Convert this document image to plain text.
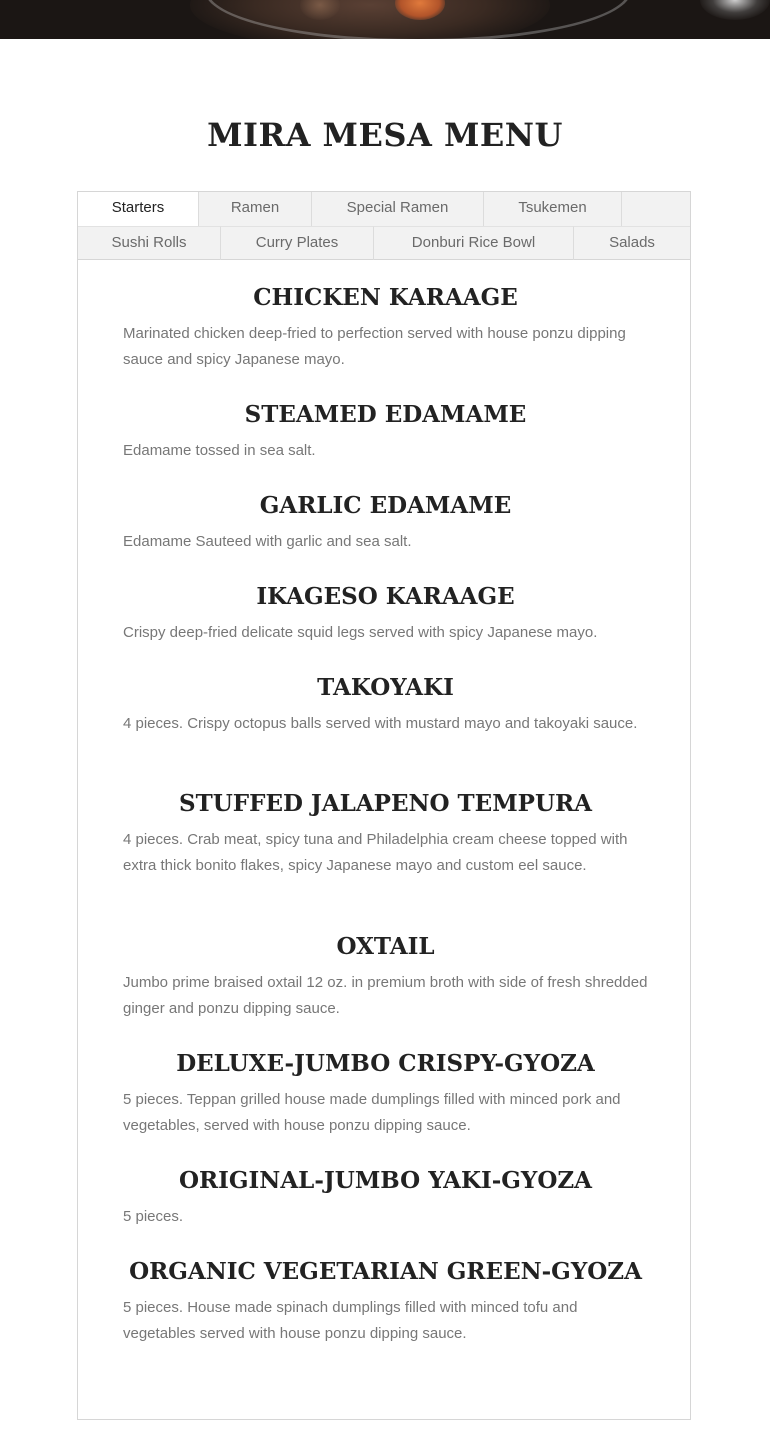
MIRA MESA MENU
Starters	Ramen	Special Ramen	Tsukemen
Sushi Rolls	Curry Plates	Donburi Rice Bowl	Salads
CHICKEN KARAAGE

Marinated chicken deep-fried to perfection served with house ponzu dipping sauce and spicy Japanese mayo.

STEAMED EDAMAME

Edamame tossed in sea salt.

GARLIC EDAMAME

Edamame Sauteed with garlic and sea salt.

IKAGESO KARAAGE

Crispy deep-fried delicate squid legs served with spicy Japanese mayo.

TAKOYAKI

4 pieces. Crispy octopus balls served with mustard mayo and takoyaki sauce.

STUFFED JALAPENO TEMPURA

4 pieces. Crab meat, spicy tuna and Philadelphia cream cheese topped with extra thick bonito flakes, spicy Japanese mayo and custom eel sauce.

OXTAIL

Jumbo prime braised oxtail 12 oz. in premium broth with side of fresh shredded ginger and ponzu dipping sauce.

DELUXE-JUMBO CRISPY-GYOZA

5 pieces. Teppan grilled house made dumplings filled with minced pork and vegetables, served with house ponzu dipping sauce.

ORIGINAL-JUMBO YAKI-GYOZA

5 pieces.

ORGANIC VEGETARIAN GREEN-GYOZA

5 pieces. House made spinach dumplings filled with minced tofu and vegetables served with house ponzu dipping sauce.
